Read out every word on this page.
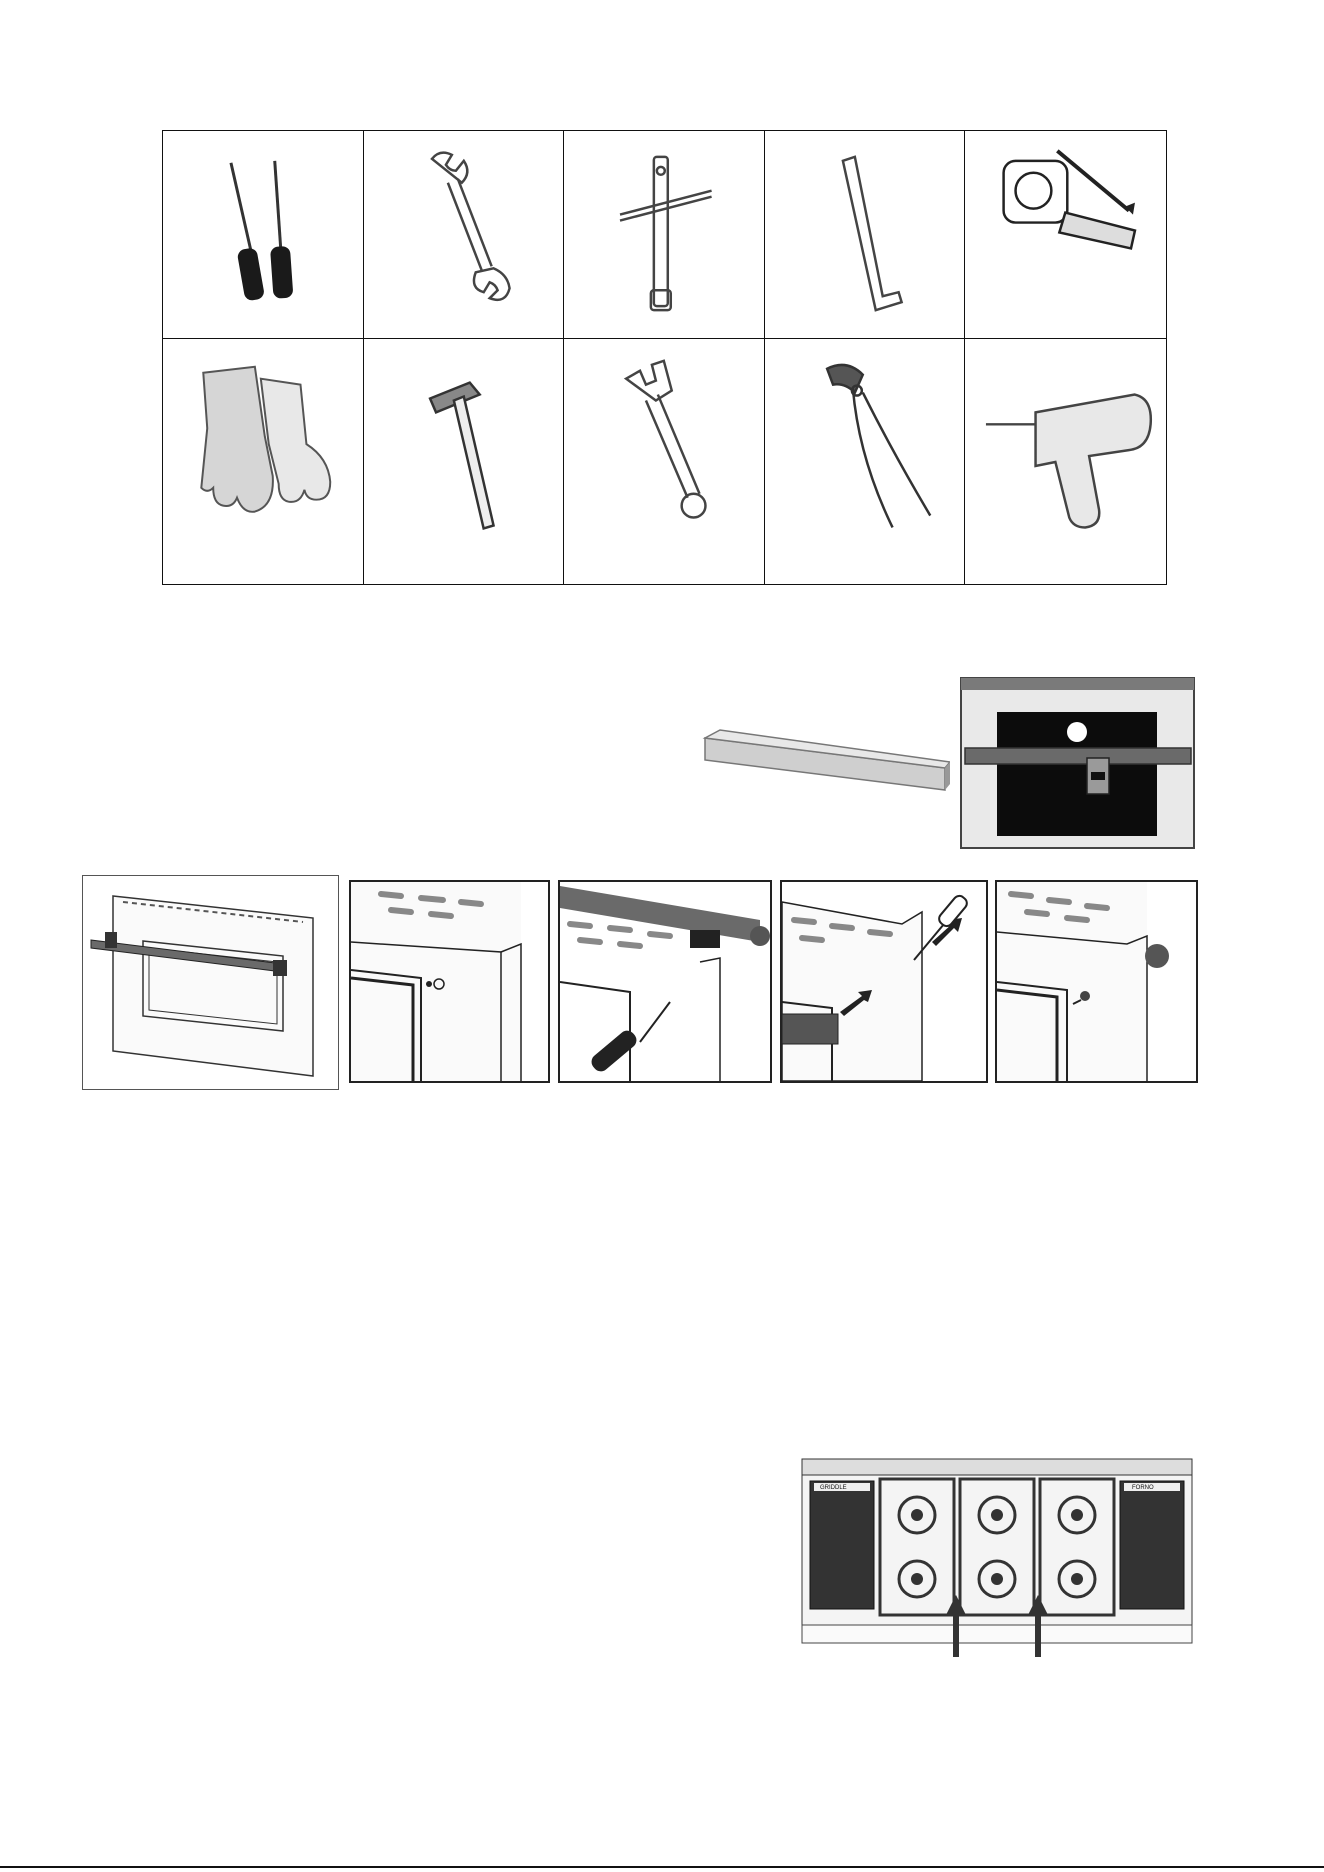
GRIDDLE	FORNO
